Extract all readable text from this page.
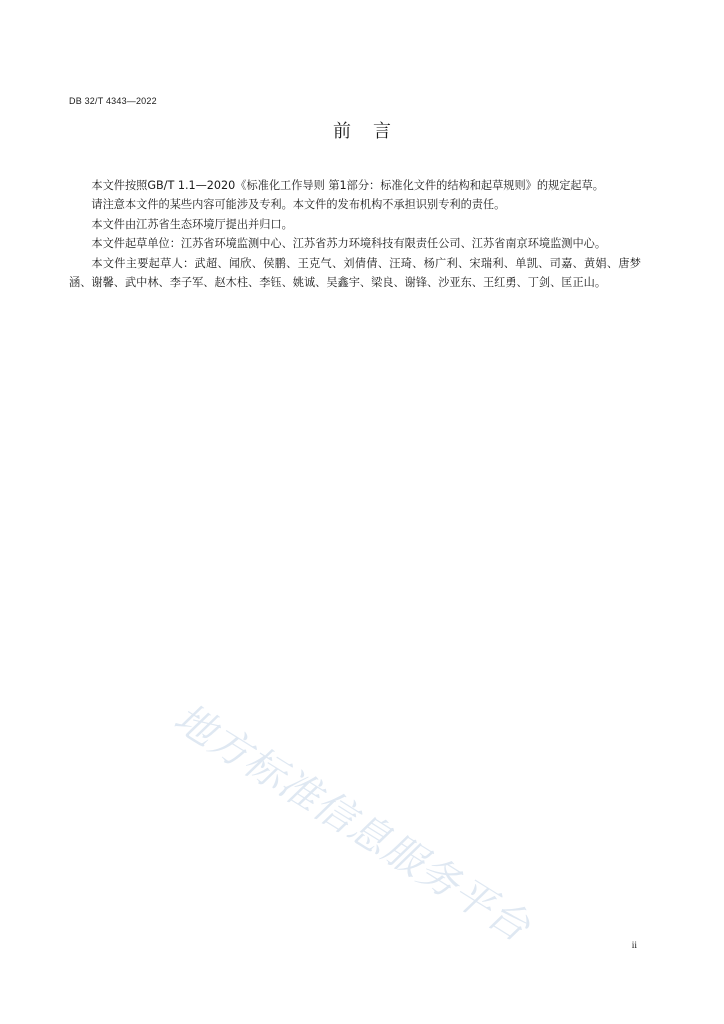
DB 32/T 4343—2022
前言

本文件按照GB/T 1.1—2020《标准化工作导则 第1部分：标准化文件的结构和起草规则》的规定起草。

请注意本文件的某些内容可能涉及专利。本文件的发布机构不承担识别专利的责任。

本文件由江苏省生态环境厅提出并归口。

本文件起草单位：江苏省环境监测中心、江苏省苏力环境科技有限责任公司、江苏省南京环境监测中心。

本文件主要起草人：武超、闻欣、侯鹏、王克气、刘倩倩、汪琦、杨广利、宋瑞利、单凯、司嘉、黄娟、唐梦涵、谢馨、武中林、李子军、赵木柱、李钰、姚诚、吴鑫宇、梁良、谢锋、沙亚东、王红勇、丁剑、匡正山。

地方标准信息服务平台	ii
